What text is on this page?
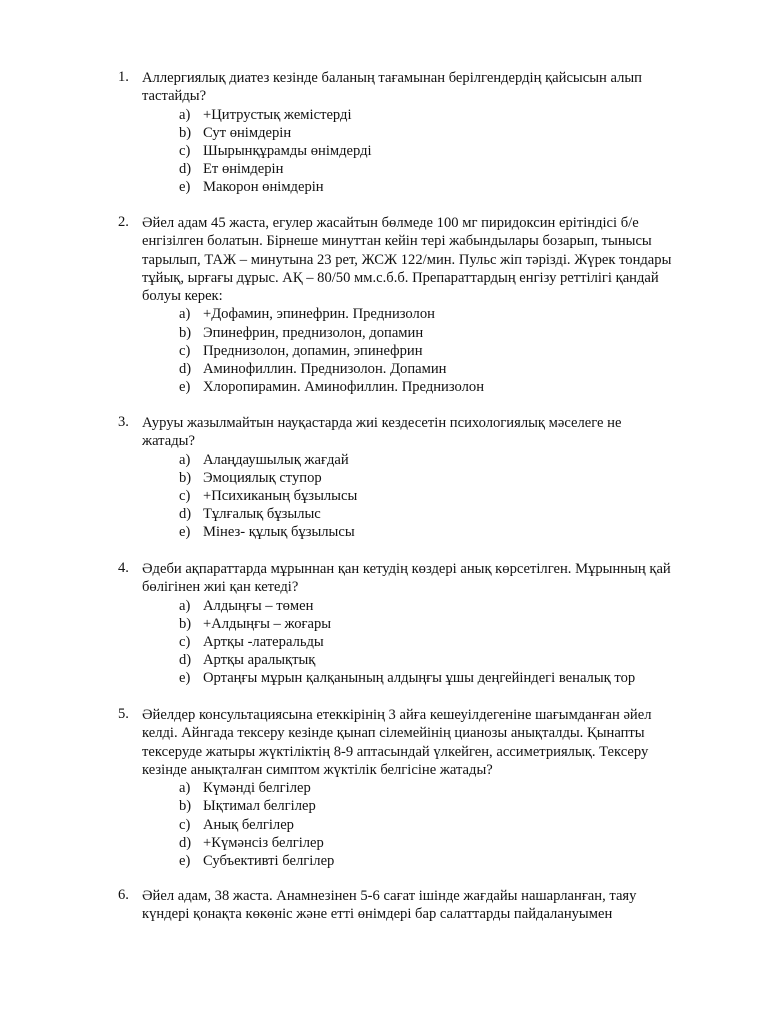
1. Аллергиялық диатез кезінде баланың тағамынан берілгендердің қайсысын алып
тастайды?
a) +Цитрустық жемістерді
b) Сут өнімдерін
c) Шырынқұрамды өнімдерді
d) Ет өнімдерін
e) Макорон өнімдерін
2. Әйел адам 45 жаста, егулер жасайтын бөлмеде 100 мг пиридоксин ерітіндісі б/е
енгізілген болатын. Бірнеше минуттан кейін тері жабындылары бозарып, тынысы
тарылып, ТАЖ – минутына 23 рет, ЖСЖ 122/мин. Пульс жіп тәрізді. Жүрек тондары
тұйық, ырғағы дұрыс. АҚ – 80/50 мм.с.б.б. Препараттардың енгізу реттілігі қандай
болуы керек:
a) +Дофамин, эпинефрин. Преднизолон
b) Эпинефрин, преднизолон, допамин
c) Преднизолон, допамин, эпинефрин
d) Аминофиллин. Преднизолон. Допамин
e) Хлоропирамин. Аминофиллин. Преднизолон
3. Ауруы жазылмайтын науқастарда жиі кездесетін психологиялық мәселеге не
жатады?
a) Алаңдаушылық жағдай
b) Эмоциялық ступор
c) +Психиканың бұзылысы
d) Тұлғалық бұзылыс
e) Мінез- құлық бұзылысы
4. Әдеби ақпараттарда мұрыннан қан кетудің көздері анық көрсетілген. Мұрынның қай
бөлігінен жиі қан кетеді?
a) Алдыңғы – төмен
b) +Алдыңғы – жоғары
c) Артқы -латеральды
d) Артқы аралықтық
e) Ортаңғы мұрын қалқанының алдыңғы ұшы деңгейіндегі веналық тор
5. Әйелдер консультациясына етеккірінің 3 айға кешеуілдегеніне шағымданған әйел
келді. Айнгада тексеру кезінде қынап сілемейінің цианозы анықталды. Қынапты
тексеруде жатыры жүктіліктің 8-9 аптасындай үлкейген, ассиметриялық. Тексеру
кезінде анықталған симптом жүктілік белгісіне жатады?
a) Күмәнді белгілер
b) Ықтимал белгілер
c) Анық белгілер
d) +Күмәнсіз белгілер
e) Субъективті белгілер
6. Әйел адам, 38 жаста. Анамнезінен 5-6 сағат ішінде жағдайы нашарланған, таяу
күндері қонақта көкөніс және етті өнімдері бар салаттарды пайдалануымен
